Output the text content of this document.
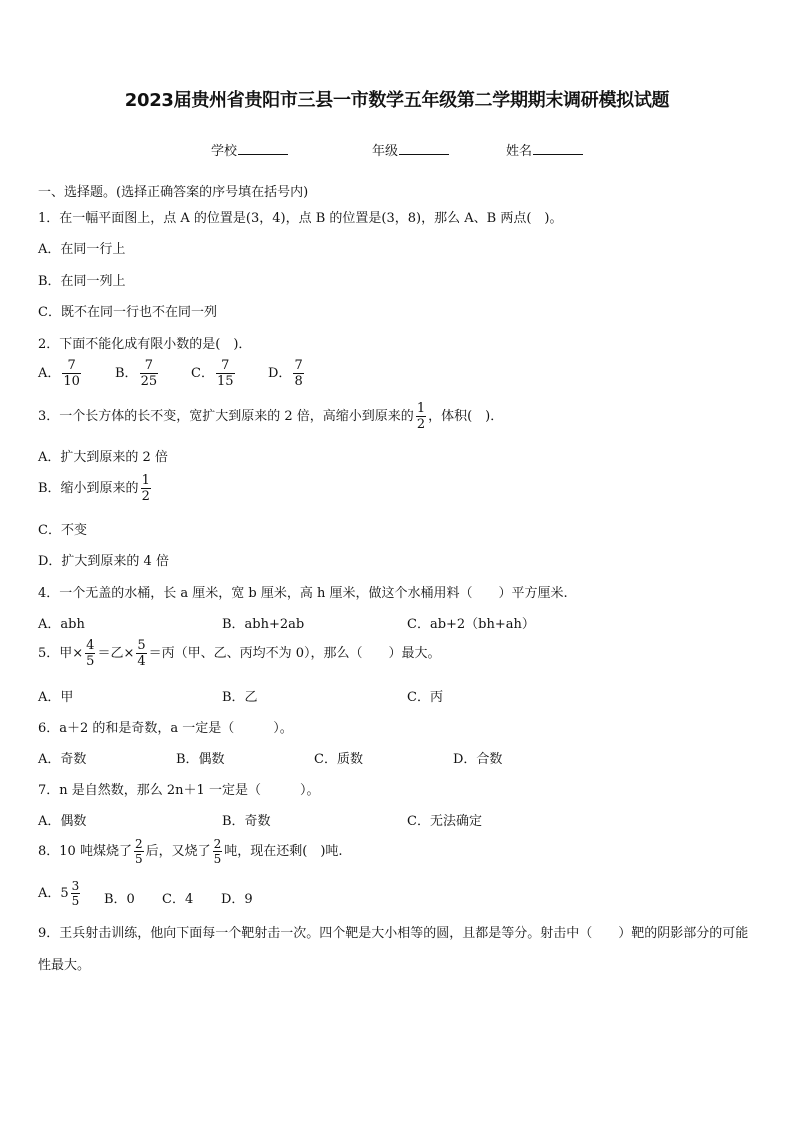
2023届贵州省贵阳市三县一市数学五年级第二学期期末调研模拟试题
学校	年级	姓名
一、选择题。(选择正确答案的序号填在括号内)
1．在一幅平面图上，点 A 的位置是(3，4)，点 B 的位置是(3，8)，那么 A、B 两点(　)。
A．在同一行上
B．在同一列上
C．既不在同一行也不在同一列
2．下面不能化成有限小数的是(　)．
A． $\frac{7}{10}$	B． $\frac{7}{25}$	C． $\frac{7}{15}$	D． $\frac{7}{8}$
3．一个长方体的长不变，宽扩大到原来的 2 倍，高缩小到原来的 $\frac{1}{2}$ ，体积(　)．
A．扩大到原来的 2 倍
B．缩小到原来的 $\frac{1}{2}$
C．不变
D．扩大到原来的 4 倍
4．一个无盖的水桶，长 a 厘米，宽 b 厘米，高 h 厘米，做这个水桶用料（　　）平方厘米.
A．abh	B．abh+2ab	C．ab+2（bh+ah）
5．甲× $\frac{4}{5}$ ＝乙× $\frac{5}{4}$ ＝丙（甲、乙、丙均不为 0），那么（　　）最大。
A．甲	B．乙	C．丙
6．a＋2 的和是奇数，a 一定是（　　　）。
A．奇数	B．偶数	C．质数	D．合数
7．n 是自然数，那么 2n＋1 一定是（　　　）。
A．偶数	B．奇数	C．无法确定
8．10 吨煤烧了 $\frac{2}{5}$ 后，又烧了 $\frac{2}{5}$ 吨，现在还剩(　)吨.
A．$5 \frac{3}{5}$ B．0 C．4 D．9
9．王兵射击训练，他向下面每一个靶射击一次。四个靶是大小相等的圆，且都是等分。射击中（　　）靶的阴影部分的可能性最大。
